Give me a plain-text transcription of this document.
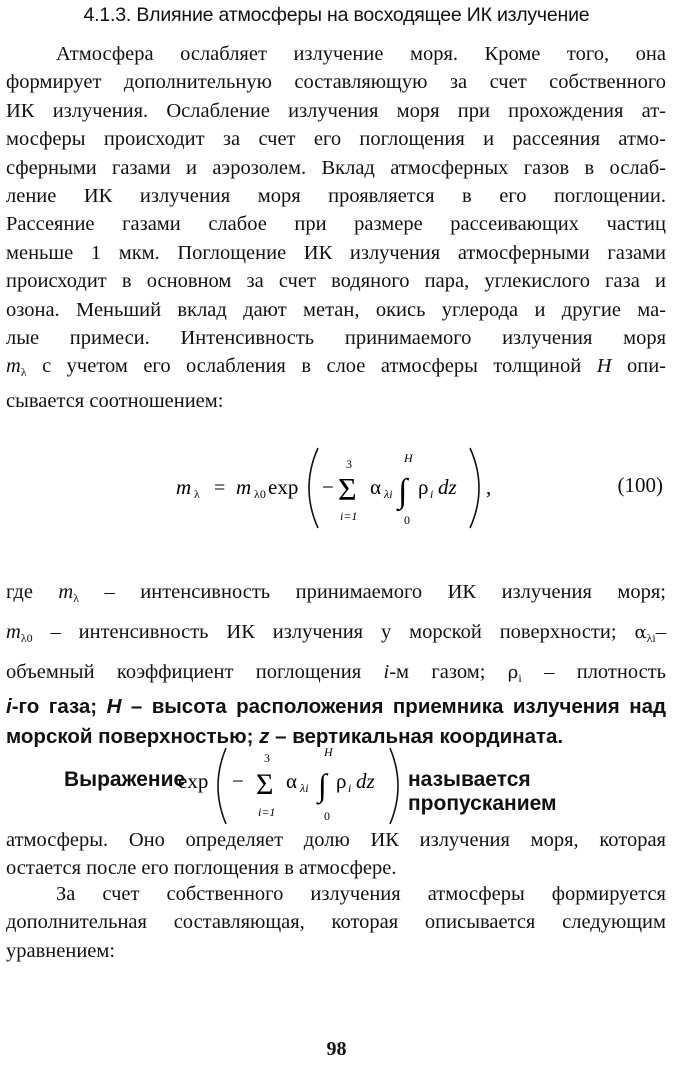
4.1.3. Влияние атмосферы на восходящее ИК излучение
Атмосфера ослабляет излучение моря. Кроме того, она
формирует дополнительную составляющую за счет собственного
ИК излучения. Ослабление излучения моря при прохождения ат-
мосферы происходит за счет его поглощения и рассеяния атмо-
сферными газами и аэрозолем. Вклад атмосферных газов в ослаб-
ление ИК излучения моря проявляется в его поглощении.
Рассеяние газами слабое при размере рассеивающих частиц
меньше 1 мкм. Поглощение ИК излучения атмосферными газами
происходит в основном за счет водяного пара, углекислого газа и
озона. Меньший вклад дают метан, окись углерода и другие ма-
лые примеси. Интенсивность принимаемого излучения моря
$m_\lambda$ с учетом его ослабления в слое атмосферы толщиной H опи-
сывается соотношением:
m λ = m λ0 exp −
3
Σ
i=1
α λi
H
∫
0
ρ i dz ,	(100)
где $m_\lambda$ – интенсивность принимаемого ИК излучения моря;
$m_{\lambda 0}$ – интенсивность ИК излучения у морской поверхности; $\alpha_{\lambda i}-$
объемный коэффициент поглощения i-м газом; $\rho_i$ – плотность
i-го газа; H – высота расположения приемника излучения над
морской поверхностью; z – вертикальная координата.
Выражение
exp −
3
Σ
i=1
α λi
H
∫
0
ρ i dz называется пропусканием
атмосферы. Оно определяет долю ИК излучения моря, которая
остается после его поглощения в атмосфере.
За счет собственного излучения атмосферы формируется
дополнительная составляющая, которая описывается следующим
уравнением:
98
